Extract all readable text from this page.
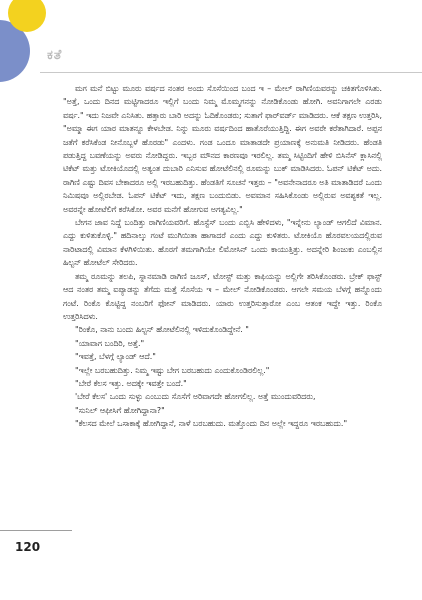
ಕತೆ

ಮಗ ಮನೆ ಬಿಟ್ಟು ಮೂರು ವರ್ಷದ ನಂತರ ಅಂದು ಸೊಸೆಯಿಂದ ಬಂದ ಇ – ಮೇಲ್ ರಾಗಿಣಿಯವರನ್ನು ಚಕಿತಗೊಳಿಸಿತು. "ಅತ್ತೆ, ಒಂದು ದಿನದ ಮಟ್ಟಿಗಾದರೂ ಇಲ್ಲಿಗೆ ಬಂದು ನಿಮ್ಮ ಮೊಮ್ಮಗನನ್ನು ನೋಡಿಕೊಂಡು ಹೋಗಿ. ಅವನಿಗಾಗಲೇ ಎರಡು ವರ್ಷ." ಇದು ನಿಜವೇ ಎನಿಸಿತು. ಹತ್ತಾರು ಬಾರಿ ಅದನ್ನು ಓದಿಕೊಂಡರು; ಸುತಾಗೆ ಫಾರ್‌ವರ್ಡ್ ಮಾಡಿದರು. ಆಕೆ ತಕ್ಷಣ ಉತ್ತರಿಸಿ, "ಅಮ್ಮಾ ಈಗ ಯಾರ ಮಾತನ್ನೂ ಕೇಳಬೇಡ. ನಿನ್ನು ಮೂರು ವರ್ಷದಿಂದ ಹಾತೊರೆಯುತ್ತಿದ್ದಿ. ಈಗ ಅವರೇ ಕರೆತಾಗಿದಾರೆ. ಅಪ್ಪನ ಜತೆಗೆ ಕರೆಸಿಕೆಂಡ ನೀನೊಬ್ಬಳೆ ಹೊರಡು" ಎಂದಳು. ಗಂಡ ಒಂದೂ ಮಾತಾಡದೇ ಪ್ರಯಾಣಕ್ಕೆ ಅನುಮತಿ ನೀಡಿದರು. ಹೆಂಡತಿ ಪಡುತ್ತಿದ್ದ ಬವಣೆಯನ್ನು ಅವರು ನೋಡಿದ್ದರು. ಇಬ್ಬರ ಮೌನದ ಕಾರಣವೂ ಇರಲಿಲ್ಲ. ತಮ್ಮ ಸಿಟ್ಟಿಂದಿಗೆ ಹೇಳಿ ಬಿಸಿನೆಸ್ ಕ್ಲಾಸಿನಲ್ಲಿ ಟಿಕೆಟ್ ಮತ್ತು ಟೋಕಿಯೊದಲ್ಲಿ ಅತ್ಯಂತ ದುಬಾರಿ ಎನಿಸುವ ಹೋಟೆಲಿನಲ್ಲಿ ರೂಮನ್ನು ಬುಕ್ ಮಾಡಿಸಿದರು. ಓಪನ್ ಟಿಕೆಟ್ ಅದು. ರಾಗಿಣಿ ಎಷ್ಟು ದಿವಸ ಬೇಕಾದರೂ ಅಲ್ಲಿ ಇರಬಹುದಿತ್ತು. ಹೆಂಡತಿಗೆ ಸೂಚನೆ ಇತ್ತರು – "ಅವನೇನಾದರೂ ಅತಿ ಮಾತಾಡಿದರೆ ಒಂದು ನಿಮಿಷವೂ ಅಲ್ಲಿರಬೇಡ. ಓಪನ್ ಟಿಕೆಟ್ ಇದು, ತಕ್ಷಣ ಬಂದುಬಿಡು. ಅವಮಾನ ಸಹಿಸಿಕೊಂಡು ಅಲ್ಲಿರುವ ಅವಶ್ಯಕತೆ ಇಲ್ಲ. ಅವರನ್ನೇ ಹೋಟೆಲಿಗೆ ಕರೆಸಿಕೋ. ಅವರ ಮನೆಗೆ ಹೋಗುವ ಅಗತ್ಯವಿಲ್ಲ."

ಬೇಗನ ಜಾವ ನಿದ್ದೆ ಬಂದಿತ್ತು ರಾಗಿಣಿಯವರಿಗೆ. ಹೊಸ್ಟೆಸ್ ಬಂದು ಎಬ್ಬಿಸಿ ಹೇಳಿದಳು, "ಇನ್ನೇನು ಲ್ಯಾಂಡ್ ಆಗಲಿದೆ ವಿಮಾನ. ಎದ್ದು ಕುಳಿತುಕೊಳ್ಳಿ." ಹದಿನಾಲ್ಕು ಗಂಟೆ ಮುಗಿಯಿತಾ ಹಾಗಾದರೆ ಎಂದು ಎದ್ದು ಕುಳಿತರು. ಟೋಕಿಯೊ ಹೊರವಲಯದಲ್ಲಿರುವ ನಾರಿಟಾದಲ್ಲಿ ವಿಮಾನ ಕೆಳಗಿಳಿಯಿತು. ಹೊರಗೆ ತಮಗಾಗಿಯೇ ಲಿಮೋಸಿನ್ ಒಂದು ಕಾಯುತ್ತಿತ್ತು. ಅದನ್ನೇರಿ ಶಿಂಜುಕು ಎಂಬಲ್ಲಿನ ಹಿಲ್ಟನ್ ಹೋಟೆಲ್ ಸೇರಿದರು.

ತಮ್ಮ ರೂಮನ್ನು ತಲಪಿ, ಸ್ನಾನಮಾಡಿ ರಾಗಿಣಿ ಜೂಸ್, ಟೋಸ್ಟ್ ಮತ್ತು ಕಾಫಿಯನ್ನು ಅಲ್ಲಿಗೇ ತರಿಸಿಕೊಂಡರು. ಬ್ರೇಕ್ ಫಾಸ್ಟ್ ಆದ ನಂತರ ತಮ್ಮ ಐಪ್ಯಾಡನ್ನು ತೆಗೆದು ಮತ್ತೆ ಸೊಸೆಯ ಇ – ಮೇಲ್ ನೋಡಿಕೊಂಡರು. ಆಗಲೇ ಸಮಯ ಬೆಳಗ್ಗೆ ಹನ್ನೊಂದು ಗಂಟೆ. ರಿಂಕೊ ಕೊಟ್ಟಿದ್ದ ನಂಬರಿಗೆ ಫೋನ್ ಮಾಡಿದರು. ಯಾರು ಉತ್ತರಿಸುತ್ತಾರೋ ಎಂಬ ಆತಂಕ ಇದ್ದೇ ಇತ್ತು. ರಿಂಕೊ ಉತ್ತರಿಸಿದಳು.

"ರಿಂಕೊ, ನಾನು ಬಂದು ಹಿಲ್ಟನ್ ಹೋಟೆಲಿನಲ್ಲಿ ಇಳಿದುಕೊಂಡಿದ್ದೇನೆ. "

"ಯಾವಾಗ ಬಂದಿರಿ, ಅತ್ತೆ."

"ಇವತ್ತೆ, ಬೆಳಗ್ಗೆ ಲ್ಯಾಂಡ್ ಆದೆ."

"ಇಲ್ಲೇ ಬರಬಹುದಿತ್ತು. ನಿಮ್ಮ ಇಷ್ಟು ಬೇಗ ಬರಬಹುದು ಎಂದುಕೊಂಡಿರಲಿಲ್ಲ."

"ಬೇರೆ ಕೆಲಸ ಇತ್ತು. ಅದಕ್ಕೇ ಇವತ್ತೇ ಬಂದೆ."

'ಬೇರೆ ಕೆಲಸ' ಒಂದು ಸುಳ್ಳು ಎಂಬುದು ಸೊಸೆಗೆ ಅರಿವಾಗದೇ ಹೋಗಲಿಲ್ಲ. ಅತ್ತೆ ಮುಂದುವರಿದರು,

"ಸುನಿಲ್ ಆಫೀಸಿಗೆ ಹೋಗಿದ್ದಾನಾ?"

"ಕೆಲಸದ ಮೇಲೆ ಒಸಾಕಾಕ್ಕೆ ಹೋಗಿದ್ದಾನೆ, ನಾಳೆ ಬರಬಹುದು. ಮತ್ತೊಂದು ದಿನ ಅಲ್ಲೇ ಇದ್ದರೂ ಇರಬಹುದು."

120
